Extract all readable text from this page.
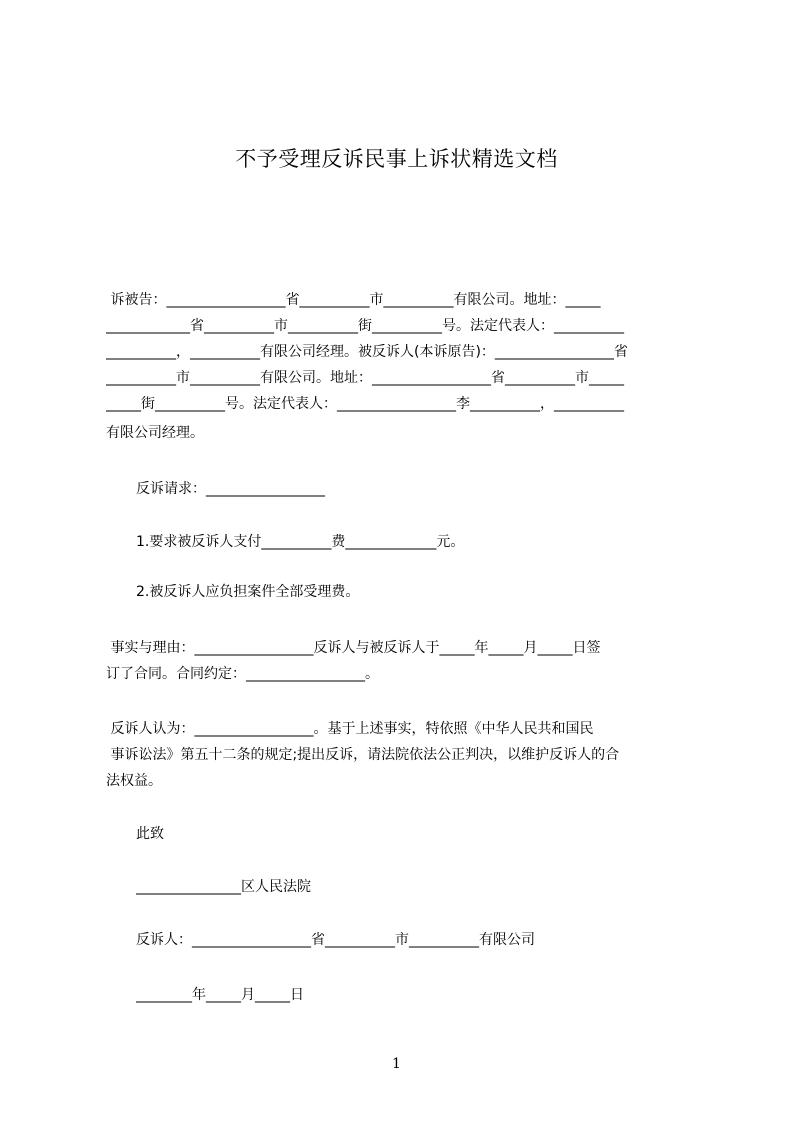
不予受理反诉民事上诉状精选文档
诉被告：_________________省__________市__________有限公司。地址：_____
____________省__________市__________街__________号。法定代表人：__________
__________，__________有限公司经理。被反诉人(本诉原告)：_________________省
__________市__________有限公司。地址：_________________省__________市_____
_____街__________号。法定代表人：_________________李__________，__________
有限公司经理。
反诉请求：_________________
1.要求被反诉人支付__________费_____________元。
2.被反诉人应负担案件全部受理费。
事实与理由：_________________反诉人与被反诉人于_____年_____月_____日签
订了合同。合同约定：_________________。
反诉人认为：_________________。基于上述事实，特依照《中华人民共和国民
事诉讼法》第五十二条的规定;提出反诉，请法院依法公正判决，以维护反诉人的合
法权益。
此致
_______________区人民法院
反诉人：_________________省__________市__________有限公司
________年_____月_____日
1
